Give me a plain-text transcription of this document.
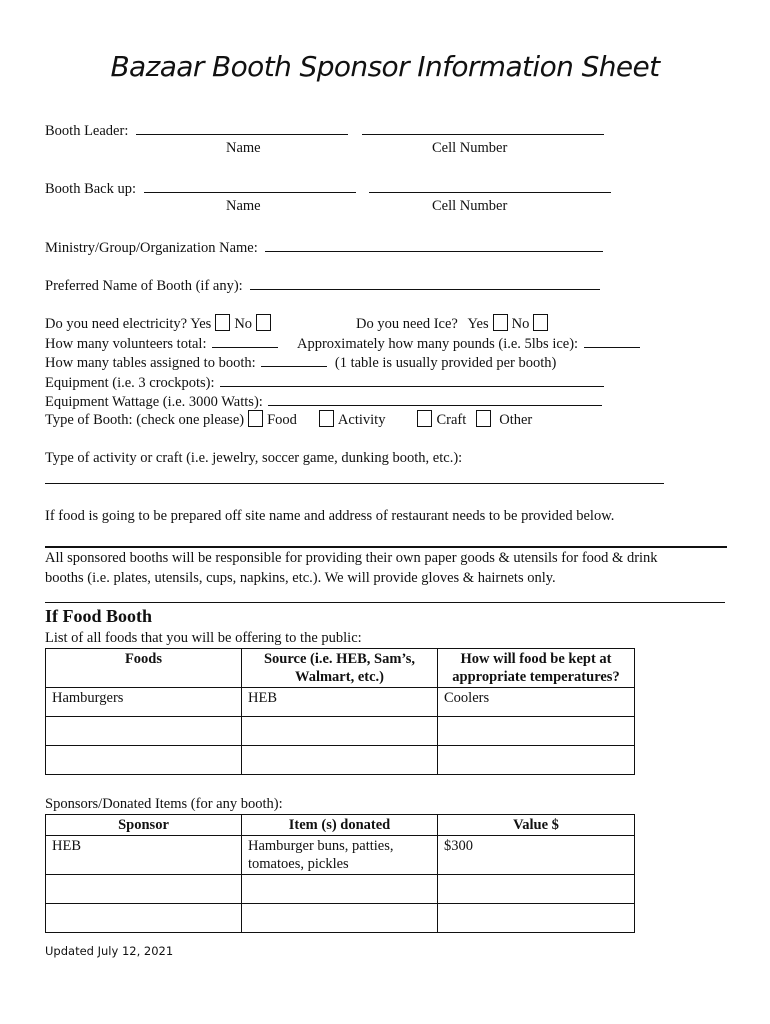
Bazaar Booth Sponsor Information Sheet
Booth Leader:
Name	Cell Number
Booth Back up:
Name	Cell Number
Ministry/Group/Organization Name:
Preferred Name of Booth (if any):
Do you need electricity? Yes No	Do you need Ice? Yes No
How many volunteers total:	Approximately how many pounds (i.e. 5lbs ice):
How many tables assigned to booth:	(1 table is usually provided per booth)
Equipment (i.e. 3 crockpots):
Equipment Wattage (i.e. 3000 Watts):
Type of Booth: (check one please) Food	Activity	Craft Other
Type of activity or craft (i.e. jewelry, soccer game, dunking booth, etc.):
If food is going to be prepared off site name and address of restaurant needs to be provided below.
All sponsored booths will be responsible for providing their own paper goods & utensils for food & drink
booths (i.e. plates, utensils, cups, napkins, etc.). We will provide gloves & hairnets only.
If Food Booth
List of all foods that you will be offering to the public:
Foods	Source (i.e. HEB, Sam’s, Walmart, etc.)	How will food be kept at appropriate temperatures?
Hamburgers	HEB	Coolers

Sponsors/Donated Items (for any booth):
Sponsor	Item (s) donated	Value $
HEB	Hamburger buns, patties, tomatoes, pickles	$300

Updated July 12, 2021
